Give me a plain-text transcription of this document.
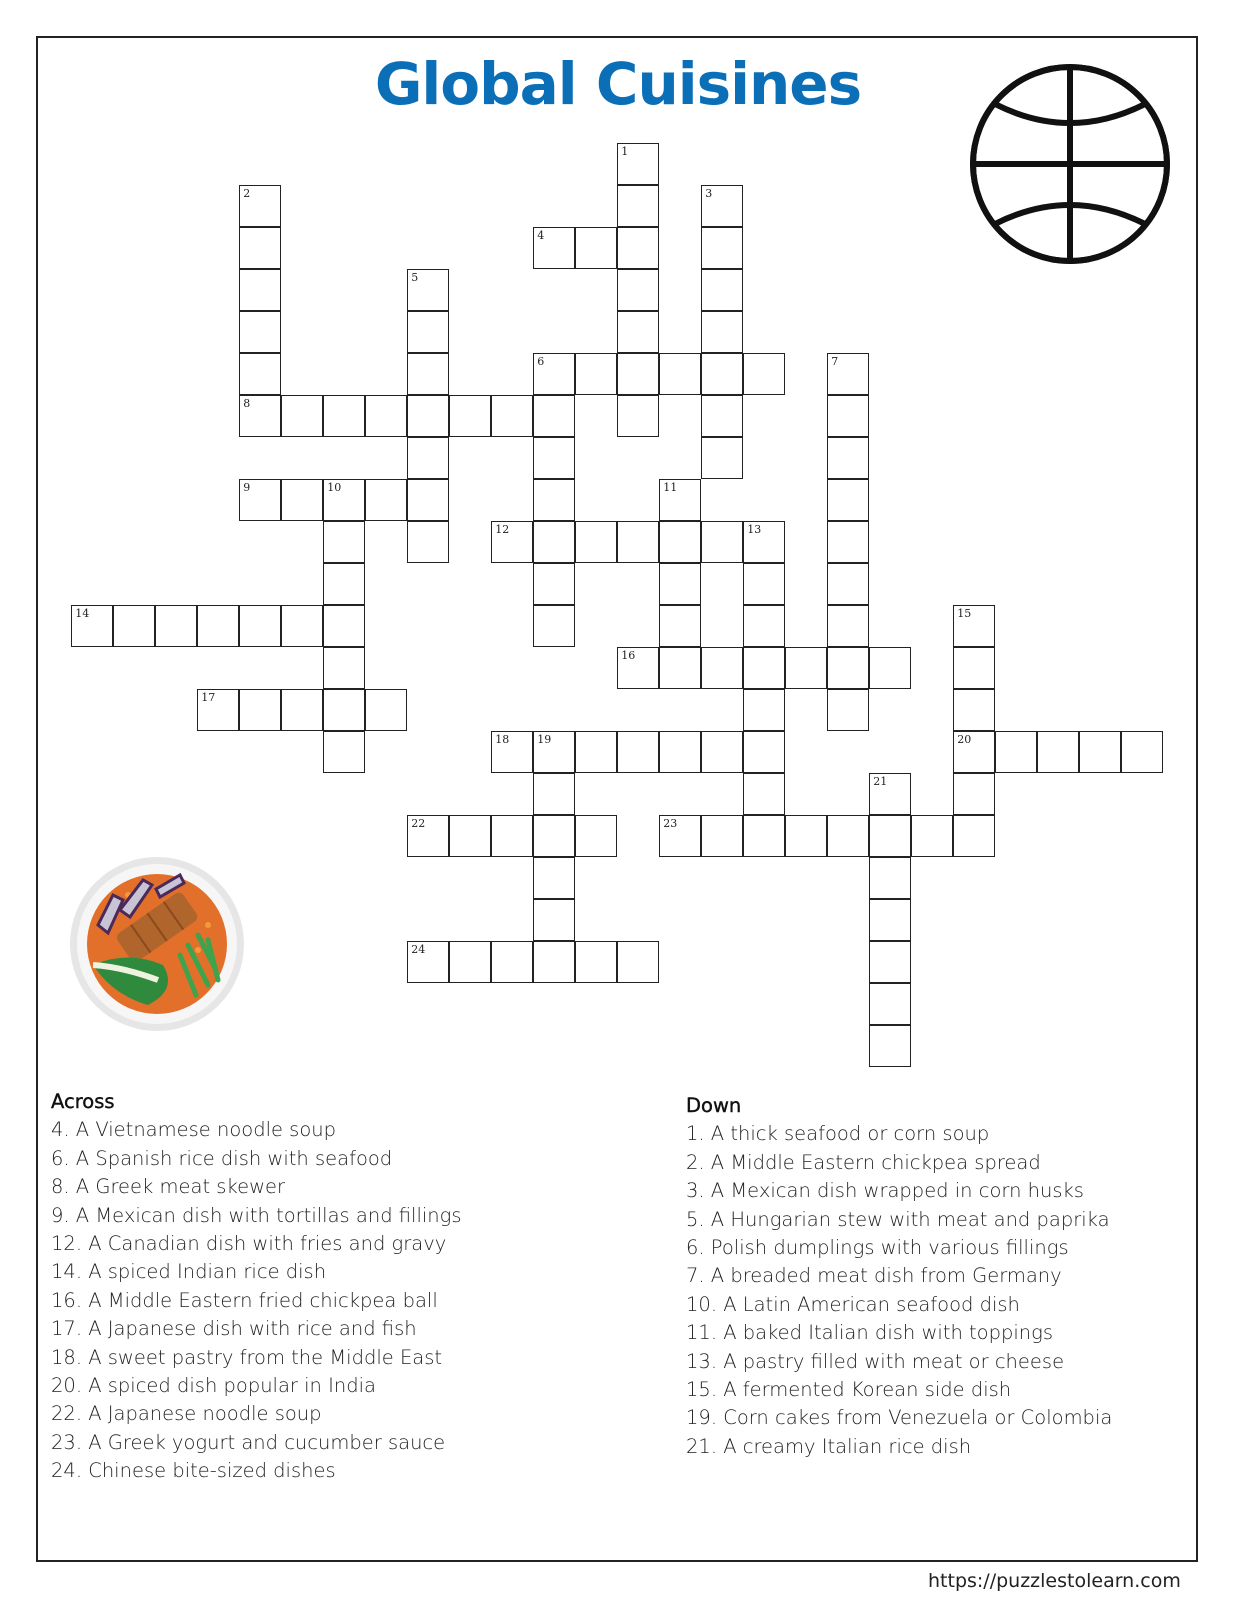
Global Cuisines
1
2
8
3
4
5
6	7
9	10	11
12	13
14	15
20
16
17
18	19
21
22	23
24
Across
4. A Vietnamese noodle soup
6. A Spanish rice dish with seafood
8. A Greek meat skewer
9. A Mexican dish with tortillas and fillings
12. A Canadian dish with fries and gravy
14. A spiced Indian rice dish
16. A Middle Eastern fried chickpea ball
17. A Japanese dish with rice and fish
18. A sweet pastry from the Middle East
20. A spiced dish popular in India
22. A Japanese noodle soup
23. A Greek yogurt and cucumber sauce
24. Chinese bite-sized dishes
Down
1. A thick seafood or corn soup
2. A Middle Eastern chickpea spread
3. A Mexican dish wrapped in corn husks
5. A Hungarian stew with meat and paprika
6. Polish dumplings with various fillings
7. A breaded meat dish from Germany
10. A Latin American seafood dish
11. A baked Italian dish with toppings
13. A pastry filled with meat or cheese
15. A fermented Korean side dish
19. Corn cakes from Venezuela or Colombia
21. A creamy Italian rice dish
https://puzzlestolearn.com
